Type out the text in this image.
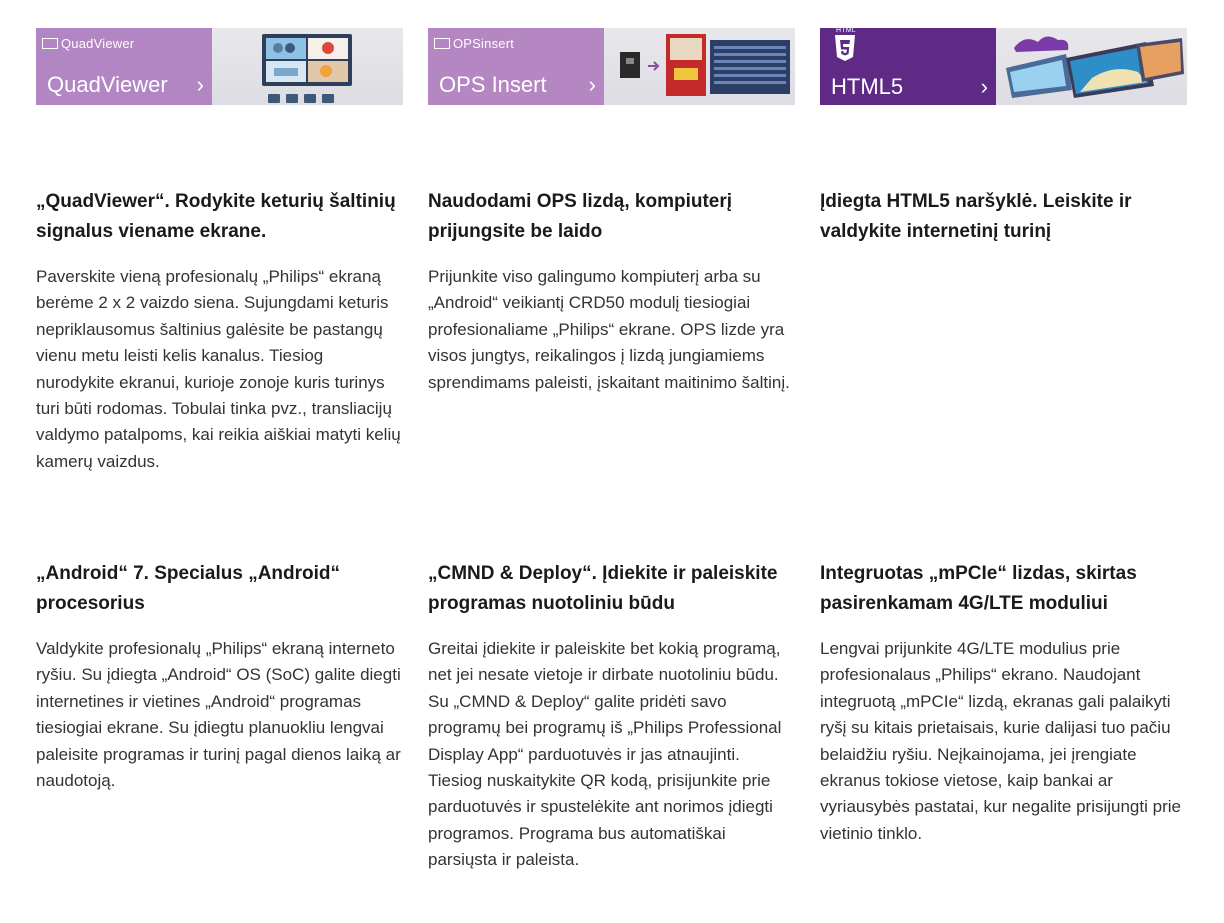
QuadViewer
QuadViewer ›
„QuadViewer“. Rodykite keturių šaltinių signalus viename ekrane.

Paverskite vieną profesionalų „Philips“ ekraną berėme 2 x 2 vaizdo siena. Sujungdami keturis nepriklausomus šaltinius galėsite be pastangų vienu metu leisti kelis kanalus. Tiesiog nurodykite ekranui, kurioje zonoje kuris turinys turi būti rodomas. Tobulai tinka pvz., transliacijų valdymo patalpoms, kai reikia aiškiai matyti kelių kamerų vaizdus.

OPSinsert
OPS Insert ›
Naudodami OPS lizdą, kompiuterį prijungsite be laido

Prijunkite viso galingumo kompiuterį arba su „Android“ veikiantį CRD50 modulį tiesiogiai profesionaliame „Philips“ ekrane. OPS lizde yra visos jungtys, reikalingos į lizdą jungiamiems sprendimams paleisti, įskaitant maitinimo šaltinį.

HTML
HTML5	›
Įdiegta HTML5 naršyklė. Leiskite ir valdykite internetinį turinį

„Android“ 7. Specialus „Android“ procesorius

Valdykite profesionalų „Philips“ ekraną interneto ryšiu. Su įdiegta „Android“ OS (SoC) galite diegti internetines ir vietines „Android“ programas tiesiogiai ekrane. Su įdiegtu planuokliu lengvai paleisite programas ir turinį pagal dienos laiką ar naudotoją.

„CMND & Deploy“. Įdiekite ir paleiskite programas nuotoliniu būdu

Greitai įdiekite ir paleiskite bet kokią programą, net jei nesate vietoje ir dirbate nuotoliniu būdu. Su „CMND & Deploy“ galite pridėti savo programų bei programų iš „Philips Professional Display App“ parduotuvės ir jas atnaujinti. Tiesiog nuskaitykite QR kodą, prisijunkite prie parduotuvės ir spustelėkite ant norimos įdiegti programos. Programa bus automatiškai parsiųsta ir paleista.

Integruotas „mPCIe“ lizdas, skirtas pasirenkamam 4G/LTE moduliui

Lengvai prijunkite 4G/LTE modulius prie profesionalaus „Philips“ ekrano. Naudojant integruotą „mPCIe“ lizdą, ekranas gali palaikyti ryšį su kitais prietaisais, kurie dalijasi tuo pačiu belaidžiu ryšiu. Neįkainojama, jei įrengiate ekranus tokiose vietose, kaip bankai ar vyriausybės pastatai, kur negalite prisijungti prie vietinio tinklo.
